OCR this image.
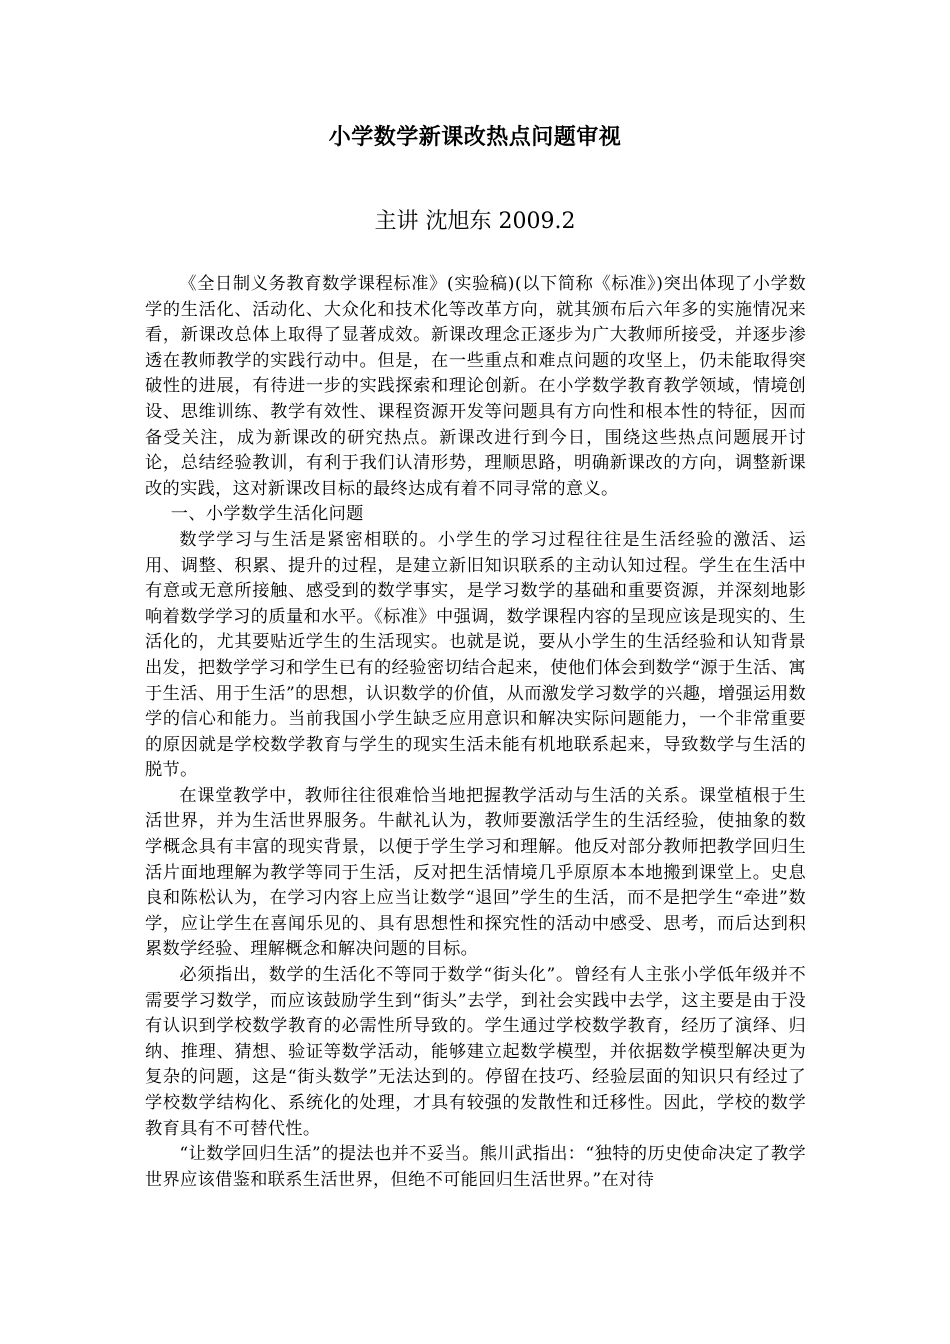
小学数学新课改热点问题审视
主讲 沈旭东 2009.2

《全日制义务教育数学课程标准》(实验稿)(以下简称《标准》)突出体现了小学数学的生活化、活动化、大众化和技术化等改革方向，就其颁布后六年多的实施情况来看，新课改总体上取得了显著成效。新课改理念正逐步为广大教师所接受，并逐步渗透在教师教学的实践行动中。但是，在一些重点和难点问题的攻坚上，仍未能取得突破性的进展，有待进一步的实践探索和理论创新。在小学数学教育教学领域，情境创设、思维训练、教学有效性、课程资源开发等问题具有方向性和根本性的特征，因而备受关注，成为新课改的研究热点。新课改进行到今日，围绕这些热点问题展开讨论，总结经验教训，有利于我们认清形势，理顺思路，明确新课改的方向，调整新课改的实践，这对新课改目标的最终达成有着不同寻常的意义。

一、小学数学生活化问题

数学学习与生活是紧密相联的。小学生的学习过程往往是生活经验的激活、运用、调整、积累、提升的过程，是建立新旧知识联系的主动认知过程。学生在生活中有意或无意所接触、感受到的数学事实，是学习数学的基础和重要资源，并深刻地影响着数学学习的质量和水平。《标准》中强调，数学课程内容的呈现应该是现实的、生活化的，尤其要贴近学生的生活现实。也就是说，要从小学生的生活经验和认知背景出发，把数学学习和学生已有的经验密切结合起来，使他们体会到数学“源于生活、寓于生活、用于生活”的思想，认识数学的价值，从而激发学习数学的兴趣，增强运用数学的信心和能力。当前我国小学生缺乏应用意识和解决实际问题能力，一个非常重要的原因就是学校数学教育与学生的现实生活未能有机地联系起来，导致数学与生活的脱节。

在课堂教学中，教师往往很难恰当地把握教学活动与生活的关系。课堂植根于生活世界，并为生活世界服务。牛献礼认为，教师要激活学生的生活经验，使抽象的数学概念具有丰富的现实背景，以便于学生学习和理解。他反对部分教师把教学回归生活片面地理解为教学等同于生活，反对把生活情境几乎原原本本地搬到课堂上。史息良和陈松认为，在学习内容上应当让数学“退回”学生的生活，而不是把学生“牵进”数学，应让学生在喜闻乐见的、具有思想性和探究性的活动中感受、思考，而后达到积累数学经验、理解概念和解决问题的目标。

必须指出，数学的生活化不等同于数学“街头化”。曾经有人主张小学低年级并不需要学习数学，而应该鼓励学生到“街头”去学，到社会实践中去学，这主要是由于没有认识到学校数学教育的必需性所导致的。学生通过学校数学教育，经历了演绎、归纳、推理、猜想、验证等数学活动，能够建立起数学模型，并依据数学模型解决更为复杂的问题，这是“街头数学”无法达到的。停留在技巧、经验层面的知识只有经过了学校数学结构化、系统化的处理，才具有较强的发散性和迁移性。因此，学校的数学教育具有不可替代性。

“让数学回归生活”的提法也并不妥当。熊川武指出：“独特的历史使命决定了教学世界应该借鉴和联系生活世界，但绝不可能回归生活世界。”在对待
